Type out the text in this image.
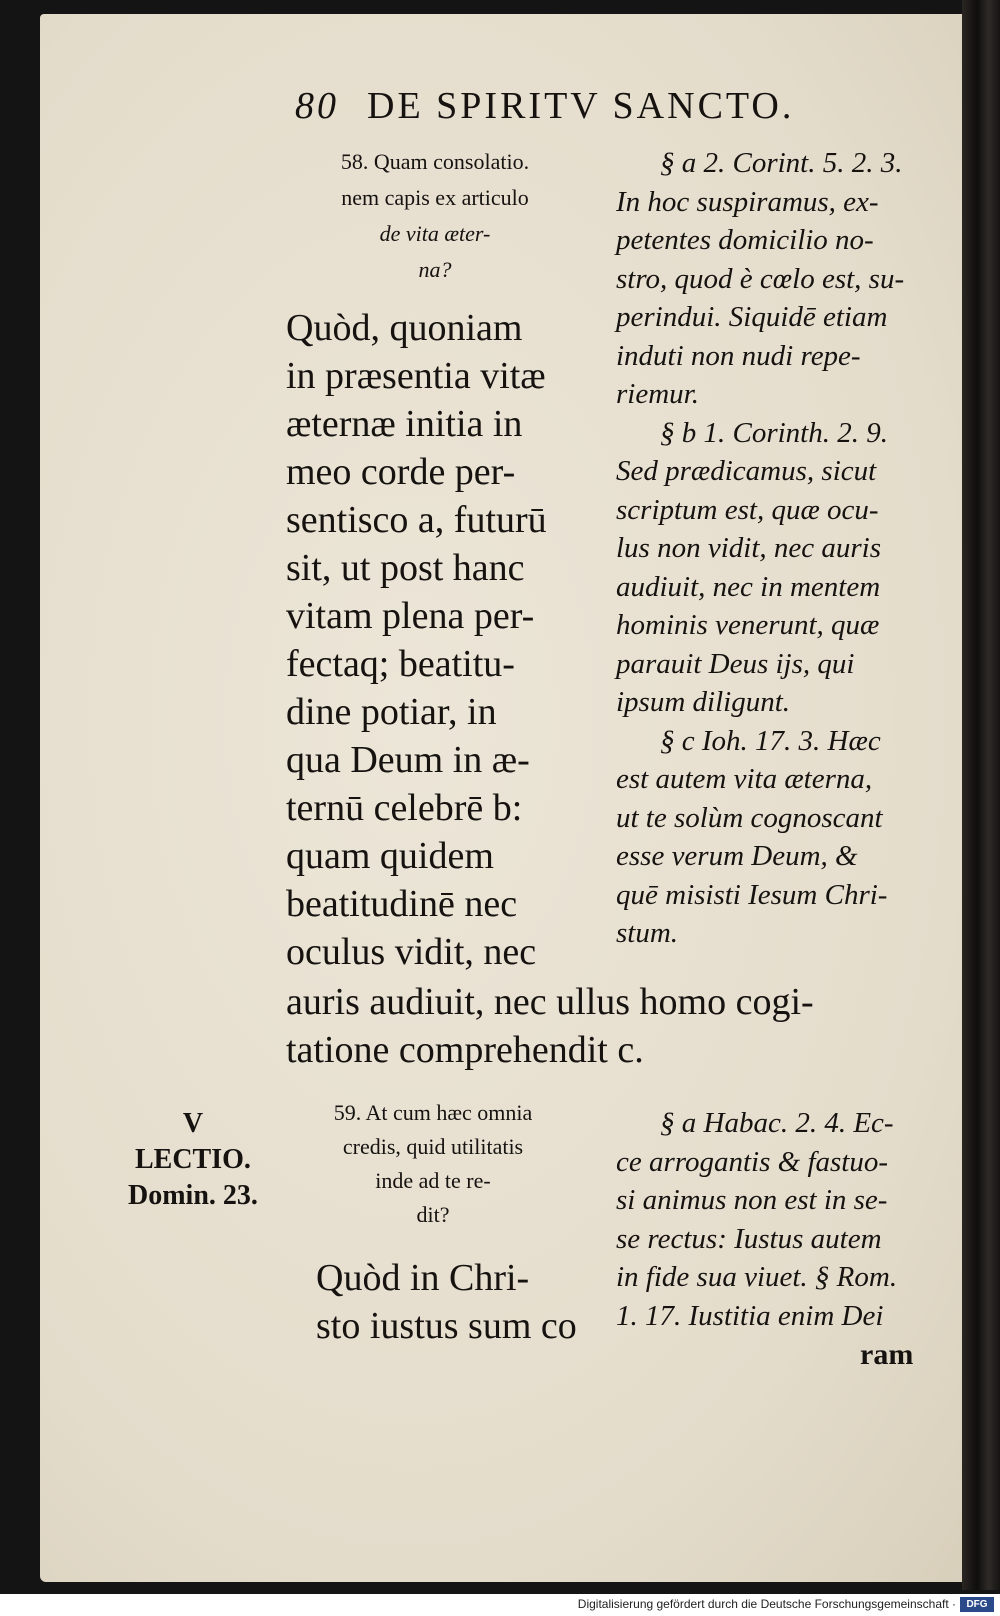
80 DE SPIRITV SANCTO.
58. Quam consolatio.
nem capis ex articulo
de vita æter-
na?
Quòd, quoniam
in præsentia vitæ
æternæ initia in
meo corde per-
sentisco a, futurū
sit, ut post hanc
vitam plena per-
fectaq; beatitu-
dine potiar, in
qua Deum in æ-
ternū celebrē b:
quam quidem
beatitudinē nec
oculus vidit, nec
auris audiuit, nec ullus homo cogi-
tatione comprehendit c.
§ a 2. Corint. 5. 2. 3.
In hoc suspiramus, ex-
petentes domicilio no-
stro, quod è cœlo est, su-
perindui. Siquidē etiam
induti non nudi repe-
riemur.
§ b 1. Corinth. 2. 9.
Sed prædicamus, sicut
scriptum est, quæ ocu-
lus non vidit, nec auris
audiuit, nec in mentem
hominis venerunt, quæ
parauit Deus ijs, qui
ipsum diligunt.
§ c Ioh. 17. 3. Hæc
est autem vita æterna,
ut te solùm cognoscant
esse verum Deum, &
quē misisti Iesum Chri-
stum.
V
LECTIO.
Domin. 23.
59. At cum hæc omnia
credis, quid utilitatis
inde ad te re-
dit?
Quòd in Chri-
sto iustus sum co
§ a Habac. 2. 4. Ec-
ce arrogantis & fastuo-
si animus non est in se-
se rectus: Iustus autem
in fide sua viuet. § Rom.
1. 17. Iustitia enim Dei
ram
Digitalisierung gefördert durch die Deutsche Forschungsgemeinschaft ·	DFG
